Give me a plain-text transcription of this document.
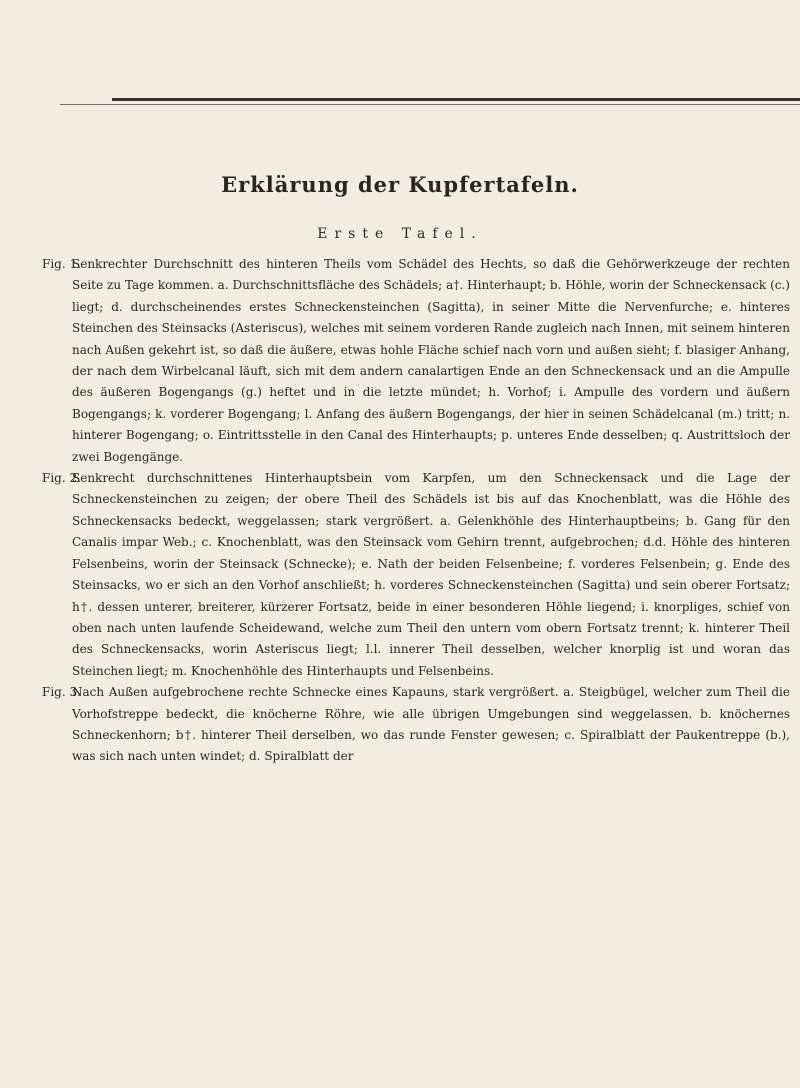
Erklärung der Kupfertafeln.
Erste Tafel.

Fig. 1.
Senkrechter Durchschnitt des hinteren Theils vom Schädel des Hechts, so daß die Gehörwerkzeuge der rechten Seite zu Tage kommen. a. Durchschnittsfläche des Schädels; a†. Hinterhaupt; b. Höhle, worin der Schneckensack (c.) liegt; d. durchscheinendes erstes Schneckensteinchen (Sagitta), in seiner Mitte die Nervenfurche; e. hinteres Steinchen des Steinsacks (Asteriscus), welches mit seinem vorderen Rande zugleich nach Innen, mit seinem hinteren nach Außen gekehrt ist, so daß die äußere, etwas hohle Fläche schief nach vorn und außen sieht; f. blasiger Anhang, der nach dem Wirbelcanal läuft, sich mit dem andern canalartigen Ende an den Schneckensack und an die Ampulle des äußeren Bogengangs (g.) heftet und in die letzte mündet; h. Vorhof; i. Ampulle des vordern und äußern Bogengangs; k. vorderer Bogengang; l. Anfang des äußern Bogengangs, der hier in seinen Schädelcanal (m.) tritt; n. hinterer Bogengang; o. Eintrittsstelle in den Canal des Hinterhaupts; p. unteres Ende desselben; q. Austrittsloch der zwei Bogengänge.

Fig. 2.
Senkrecht durchschnittenes Hinterhauptsbein vom Karpfen, um den Schneckensack und die Lage der Schneckensteinchen zu zeigen; der obere Theil des Schädels ist bis auf das Knochenblatt, was die Höhle des Schneckensacks bedeckt, weggelassen; stark vergrößert. a. Gelenkhöhle des Hinterhauptbeins; b. Gang für den Canalis impar Web.; c. Knochenblatt, was den Steinsack vom Gehirn trennt, aufgebrochen; d.d. Höhle des hinteren Felsenbeins, worin der Steinsack (Schnecke); e. Nath der beiden Felsenbeine; f. vorderes Felsenbein; g. Ende des Steinsacks, wo er sich an den Vorhof anschließt; h. vorderes Schneckensteinchen (Sagitta) und sein oberer Fortsatz; h†. dessen unterer, breiterer, kürzerer Fortsatz, beide in einer besonderen Höhle liegend; i. knorpliges, schief von oben nach unten laufende Scheidewand, welche zum Theil den untern vom obern Fortsatz trennt; k. hinterer Theil des Schneckensacks, worin Asteriscus liegt; l.l. innerer Theil desselben, welcher knorplig ist und woran das Steinchen liegt; m. Knochenhöhle des Hinterhaupts und Felsenbeins.

Fig. 3.
Nach Außen aufgebrochene rechte Schnecke eines Kapauns, stark vergrößert. a. Steigbügel, welcher zum Theil die Vorhofstreppe bedeckt, die knöcherne Röhre, wie alle übrigen Umgebungen sind weggelassen. b. knöchernes Schneckenhorn; b†. hinterer Theil derselben, wo das runde Fenster gewesen; c. Spiralblatt der Paukentreppe (b.), was sich nach unten windet; d. Spiralblatt der
